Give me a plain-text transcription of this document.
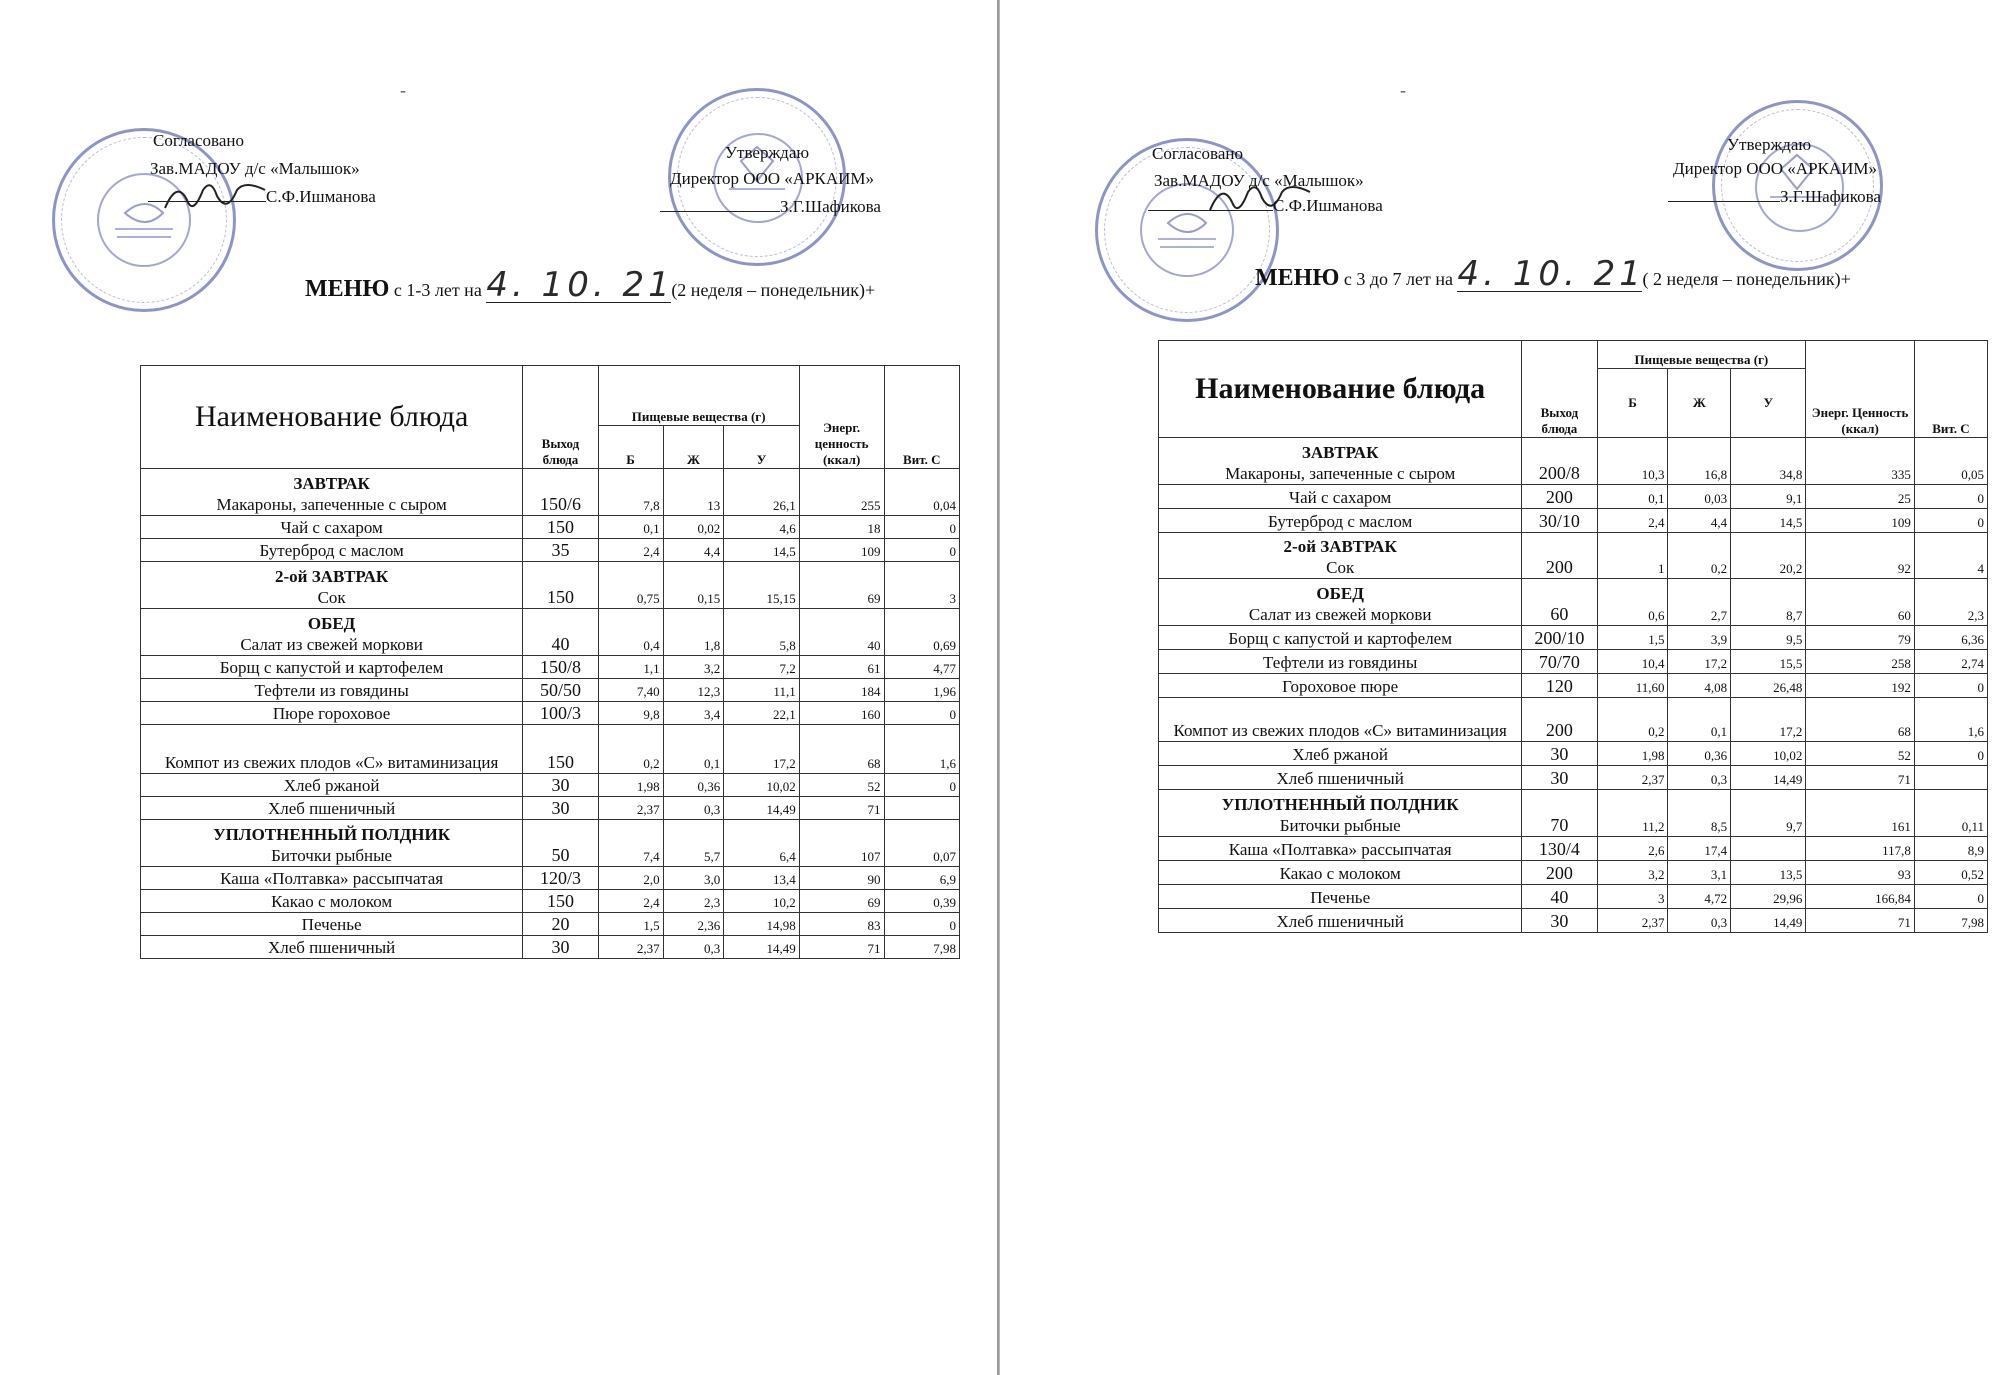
-
Согласовано
Зав.МАДОУ д/с «Малышок»
С.Ф.Ишманова
Утверждаю
Директор ООО «АРКАИМ»
З.Г.Шафикова
МЕНЮ с 1-3 лет на 4. 10. 21(2 неделя – понедельник)+
Наименование блюда	Выход блюда	Пищевые вещества (г)			Энерг. ценность (ккал)	Вит. С
		Б	Ж	У		

ЗАВТРАК
Макароны, запеченные с сыром	150/6	7,8	13	26,1	255	0,04
Чай с сахаром	150	0,1	0,02	4,6	18	0
Бутерброд с маслом	35	2,4	4,4	14,5	109	0

2-ой ЗАВТРАК
Сок	150	0,75	0,15	15,15	69	3

ОБЕД
Салат из свежей моркови	40	0,4	1,8	5,8	40	0,69
Борщ с капустой и картофелем	150/8	1,1	3,2	7,2	61	4,77
Тефтели из говядины	50/50	7,40	12,3	11,1	184	1,96
Пюре гороховое	100/3	9,8	3,4	22,1	160	0
Компот из свежих плодов «С» витаминизация	150	0,2	0,1	17,2	68	1,6
Хлеб ржаной	30	1,98	0,36	10,02	52	0
Хлеб пшеничный	30	2,37	0,3	14,49	71	

УПЛОТНЕННЫЙ ПОЛДНИК
Биточки рыбные	50	7,4	5,7	6,4	107	0,07
Каша «Полтавка» рассыпчатая	120/3	2,0	3,0	13,4	90	6,9
Какао с молоком	150	2,4	2,3	10,2	69	0,39
Печенье	20	1,5	2,36	14,98	83	0
Хлеб пшеничный	30	2,37	0,3	14,49	71	7,98
-
Согласовано
Зав.МАДОУ д/с «Малышок»
С.Ф.Ишманова
Утверждаю
Директор ООО «АРКАИМ»
З.Г.Шафикова
МЕНЮ с 3 до 7 лет на 4. 10. 21( 2 неделя – понедельник)+
Наименование блюда	Выход блюда	Пищевые вещества (г)			Энерг. Ценность (ккал)	Вит. С
		Б	Ж	У		

ЗАВТРАК
Макароны, запеченные с сыром	200/8	10,3	16,8	34,8	335	0,05
Чай с сахаром	200	0,1	0,03	9,1	25	0
Бутерброд с маслом	30/10	2,4	4,4	14,5	109	0

2-ой ЗАВТРАК
Сок	200	1	0,2	20,2	92	4

ОБЕД
Салат из свежей моркови	60	0,6	2,7	8,7	60	2,3
Борщ с капустой и картофелем	200/10	1,5	3,9	9,5	79	6,36
Тефтели из говядины	70/70	10,4	17,2	15,5	258	2,74
Гороховое пюре	120	11,60	4,08	26,48	192	0
Компот из свежих плодов «С» витаминизация	200	0,2	0,1	17,2	68	1,6
Хлеб ржаной	30	1,98	0,36	10,02	52	0
Хлеб пшеничный	30	2,37	0,3	14,49	71	

УПЛОТНЕННЫЙ ПОЛДНИК
Биточки рыбные	70	11,2	8,5	9,7	161	0,11
Каша «Полтавка» рассыпчатая	130/4	2,6	17,4		117,8	8,9
Какао с молоком	200	3,2	3,1	13,5	93	0,52
Печенье	40	3	4,72	29,96	166,84	0
Хлеб пшеничный	30	2,37	0,3	14,49	71	7,98
